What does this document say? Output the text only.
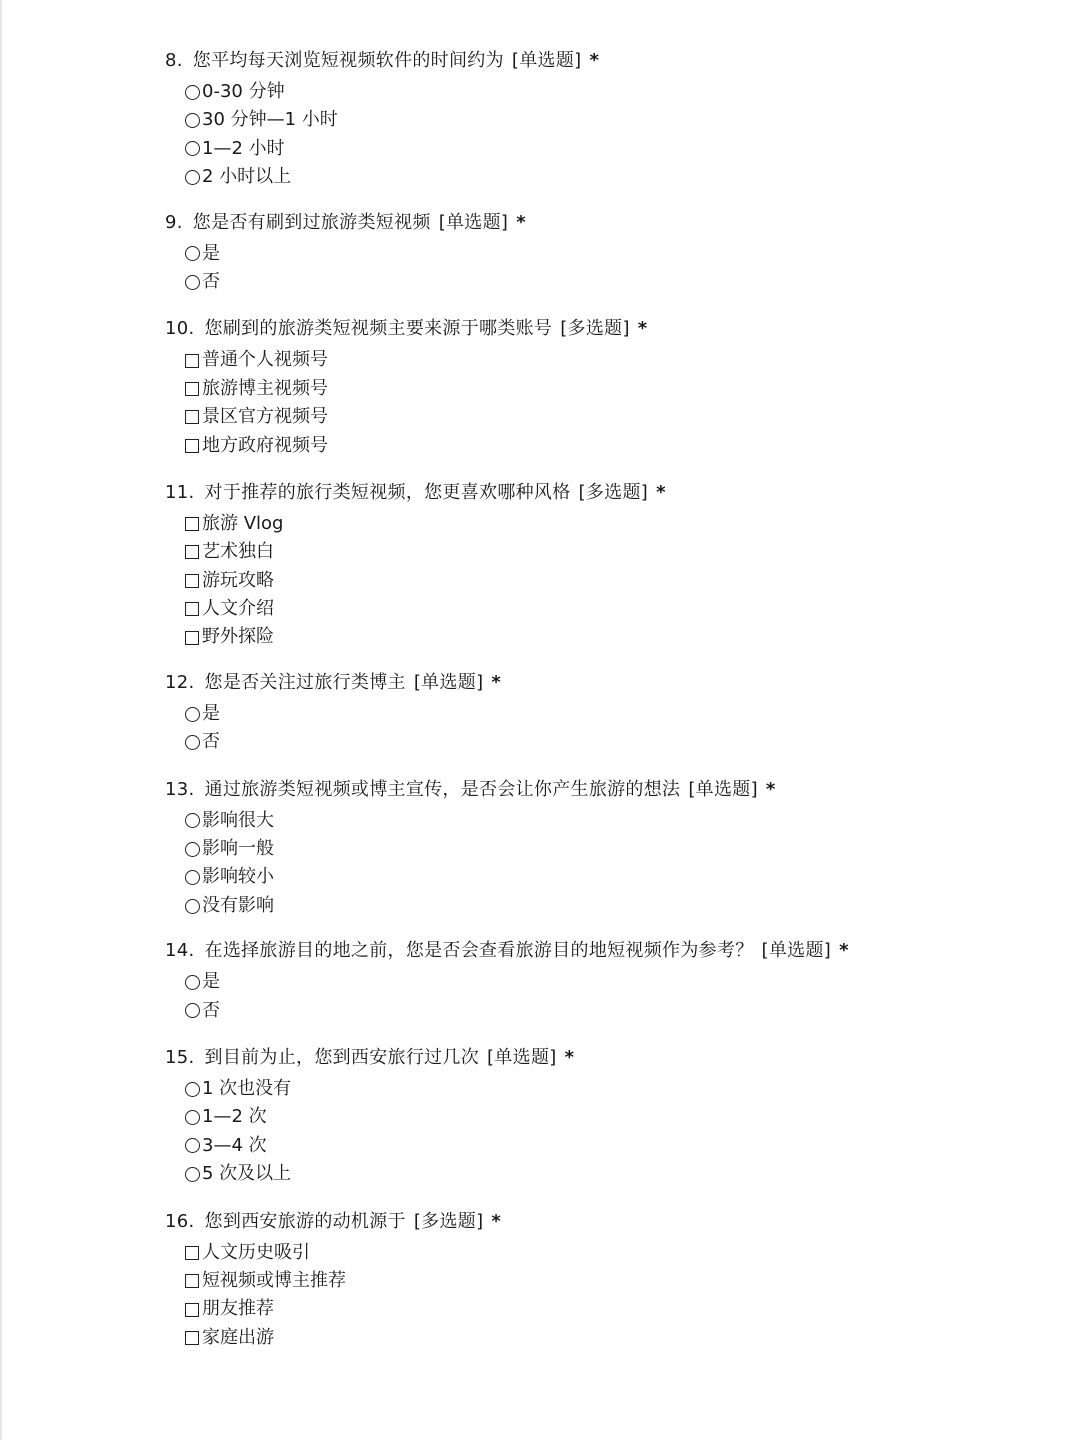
8. 您平均每天浏览短视频软件的时间约为 [单选题] *
0-30 分钟
30 分钟—1 小时
1—2 小时
2 小时以上
9. 您是否有刷到过旅游类短视频 [单选题] *
是
否
10. 您刷到的旅游类短视频主要来源于哪类账号 [多选题] *
普通个人视频号
旅游博主视频号
景区官方视频号
地方政府视频号
11. 对于推荐的旅行类短视频，您更喜欢哪种风格 [多选题] *
旅游 Vlog
艺术独白
游玩攻略
人文介绍
野外探险
12. 您是否关注过旅行类博主 [单选题] *
是
否
13. 通过旅游类短视频或博主宣传，是否会让你产生旅游的想法 [单选题] *
影响很大
影响一般
影响较小
没有影响
14. 在选择旅游目的地之前，您是否会查看旅游目的地短视频作为参考？ [单选题] *
是
否
15. 到目前为止，您到西安旅行过几次 [单选题] *
1 次也没有
1—2 次
3—4 次
5 次及以上
16. 您到西安旅游的动机源于 [多选题] *
人文历史吸引
短视频或博主推荐
朋友推荐
家庭出游
